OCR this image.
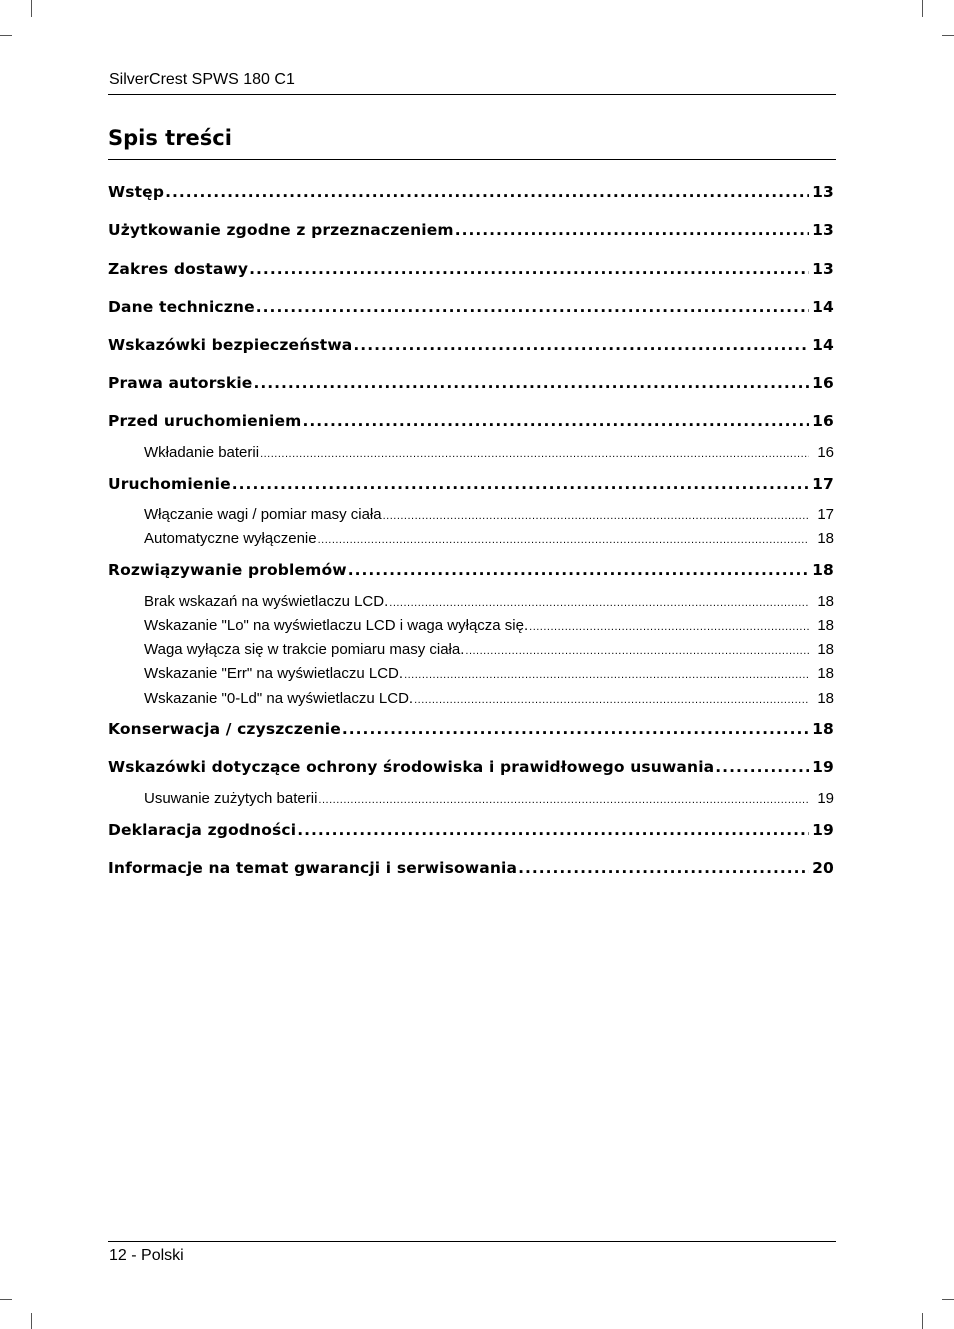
SilverCrest SPWS 180 C1
Spis treści
Wstęp .....	13
Użytkowanie zgodne z przeznaczeniem .....	13
Zakres dostawy .....	13
Dane techniczne .....	14
Wskazówki bezpieczeństwa .....	14
Prawa autorskie .....	16
Przed uruchomieniem .....	16
Wkładanie baterii .....	16
Uruchomienie .....	17
Włączanie wagi / pomiar masy ciała .....	17
Automatyczne wyłączenie .....	18
Rozwiązywanie problemów .....	18
Brak wskazań na wyświetlaczu LCD. .....	18
Wskazanie "Lo" na wyświetlaczu LCD i waga wyłącza się. .....	18
Waga wyłącza się w trakcie pomiaru masy ciała. .....	18
Wskazanie "Err" na wyświetlaczu LCD. .....	18
Wskazanie "0-Ld" na wyświetlaczu LCD. .....	18
Konserwacja / czyszczenie .....	18
Wskazówki dotyczące ochrony środowiska i prawidłowego usuwania .....	19
Usuwanie zużytych baterii .....	19
Deklaracja zgodności .....	19
Informacje na temat gwarancji i serwisowania .....	20
12 - Polski
